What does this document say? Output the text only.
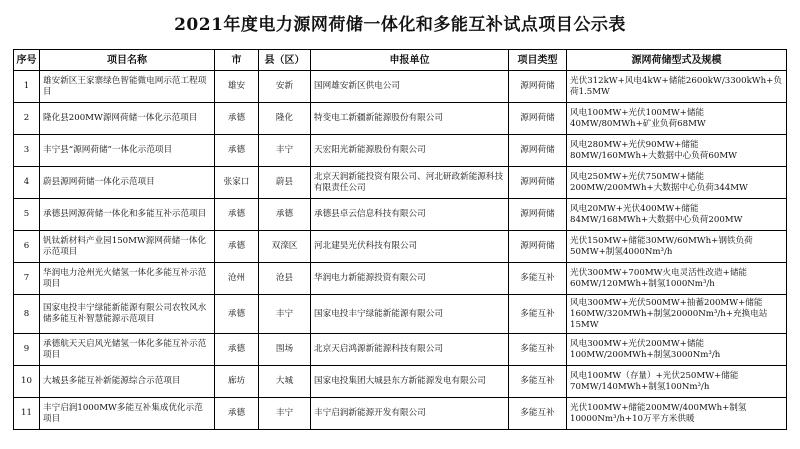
2021年度电力源网荷储一体化和多能互补试点项目公示表
序号	项目名称	市	县（区）	申报单位	项目类型	源网荷储型式及规模
1	雄安新区王家寨绿色智能微电网示范工程项目	雄安	安新	国网雄安新区供电公司	源网荷储	光伏312kW+风电4kW+储能2600kW/3300kWh+负荷1.5MW
2	隆化县200MW源网荷储一体化示范项目	承德	隆化	特变电工新疆新能源股份有限公司	源网荷储	风电100MW+光伏100MW+储能40MW/80MWh+矿业负荷68MW
3	丰宁县“源网荷储”一体化示范项目	承德	丰宁	天宏阳光新能源股份有限公司	源网荷储	风电280MW+光伏90MW+储能80MW/160MWh+大数据中心负荷60MW
4	蔚县源网荷储一体化示范项目	张家口	蔚县	北京天润新能投资有限公司、河北研政新能源科技有限责任公司	源网荷储	风电250MW+光伏750MW+储能200MW/200MWh+大数据中心负荷344MW
5	承德县网源荷储一体化和多能互补示范项目	承德	承德	承德县卓云信息科技有限公司	源网荷储	风电20MW+光伏400MW+储能84MW/168MWh+大数据中心负荷200MW
6	钒钛新材料产业园150MW源网荷储一体化示范项目	承德	双滦区	河北建昊光伏科技有限公司	源网荷储	光伏150MW+储能30MW/60MWh+钢铁负荷50MW+制氢4000Nm³/h
7	华润电力沧州光火储氢一体化多能互补示范项目	沧州	沧县	华润电力新能源投资有限公司	多能互补	光伏300MW+700MW火电灵活性改造+储能60MW/120MWh+制氢1000Nm³/h
8	国家电投丰宁绿能新能源有限公司农牧风水储多能互补智慧能源示范项目	承德	丰宁	国家电投丰宁绿能新能源有限公司	多能互补	风电300MW+光伏500MW+抽蓄200MW+储能160MW/320MWh+制氢20000Nm³/h+充换电站15MW
9	承德航天天启风光储氢一体化多能互补示范项目	承德	围场	北京天启鸿源新能源科技有限公司	多能互补	风电300MW+光伏200MW+储能100MW/200MWh+制氢3000Nm³/h
10	大城县多能互补新能源综合示范项目	廊坊	大城	国家电投集团大城县东方新能源发电有限公司	多能互补	风电100MW（存量）+光伏250MW+储能70MW/140MWh+制氢100Nm³/h
11	丰宁启润1000MW多能互补集成优化示范项目	承德	丰宁	丰宁启润新能源开发有限公司	多能互补	光伏100MW+储能200MW/400MWh+制氢10000Nm³/h+10万平方米供暖
